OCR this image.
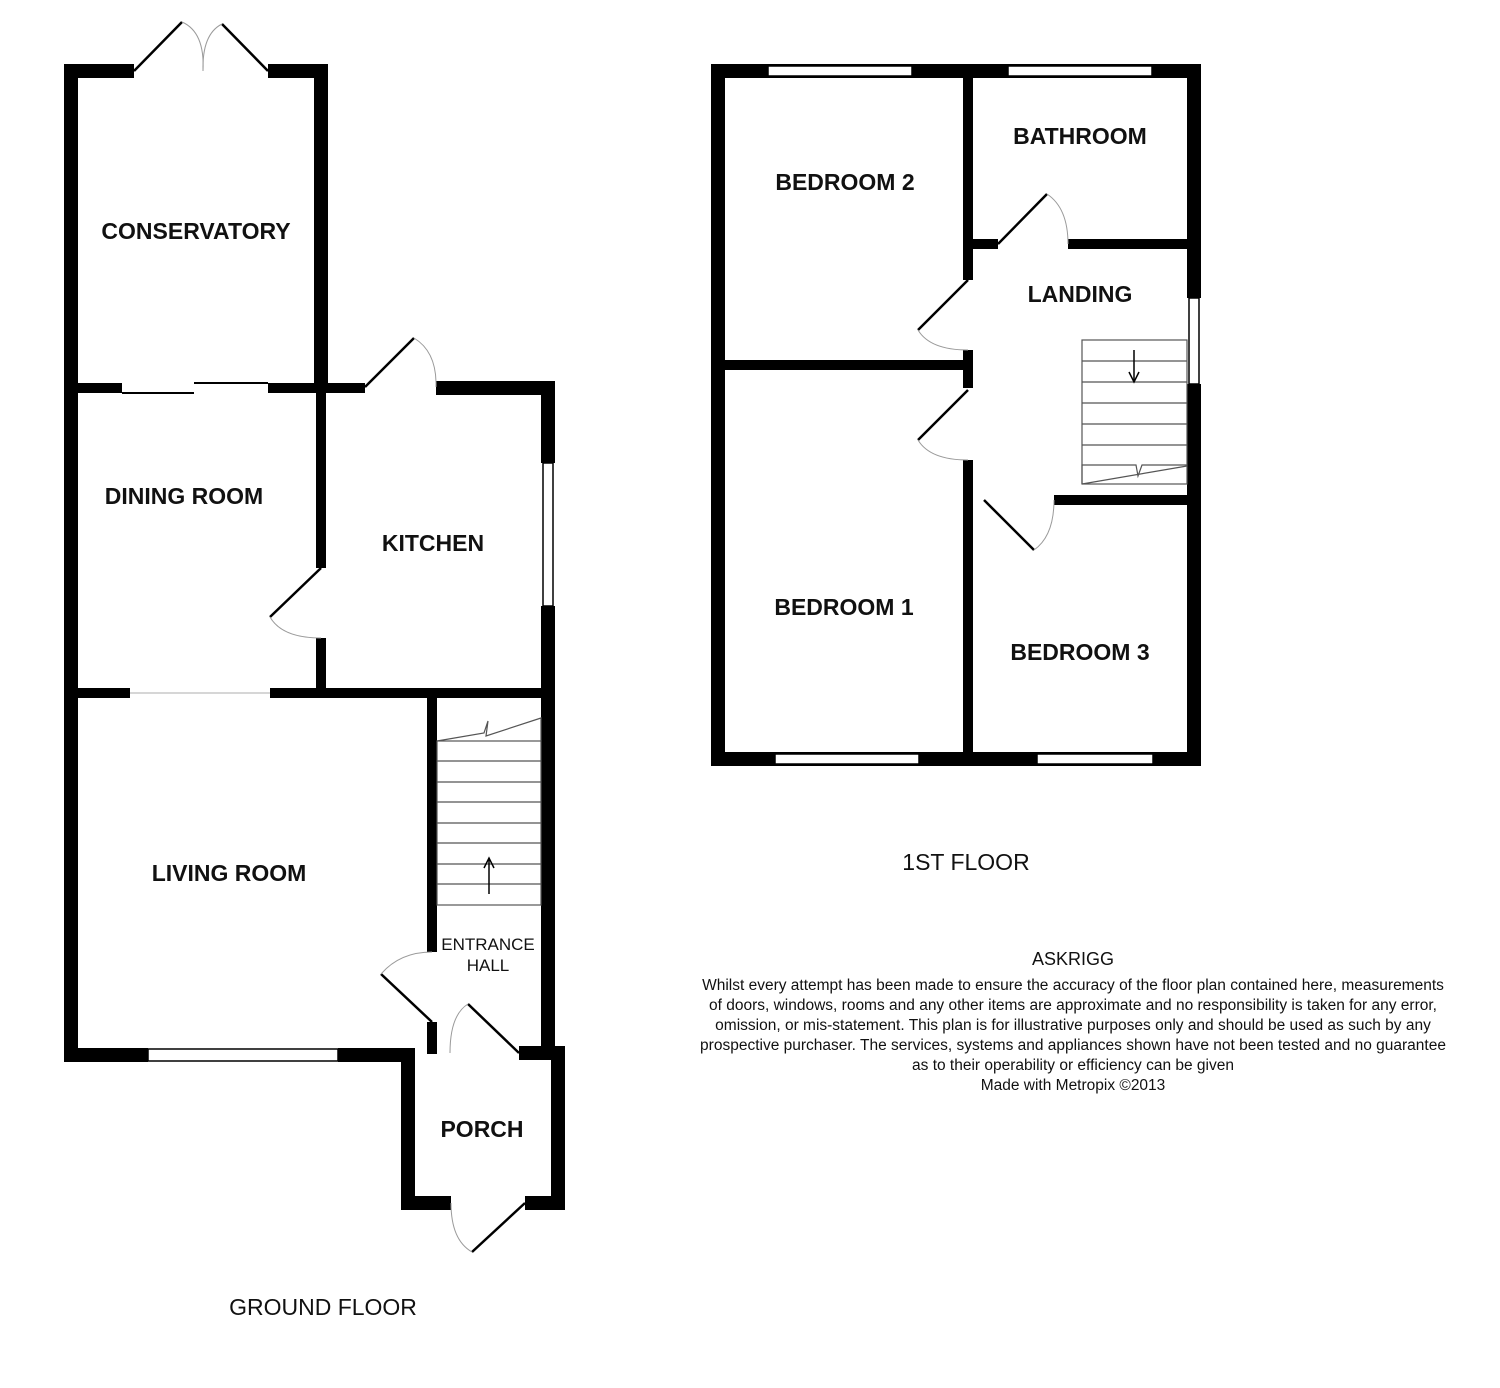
CONSERVATORY
DINING ROOM
KITCHEN
LIVING ROOM
ENTRANCE
HALL
PORCH
GROUND FLOOR
BEDROOM 2
BATHROOM
LANDING
BEDROOM 1
BEDROOM 3
1ST FLOOR
ASKRIGG
Whilst every attempt has been made to ensure the accuracy of the floor plan contained here, measurements
of doors, windows, rooms and any other items are approximate and no responsibility is taken for any error,
omission, or mis-statement. This plan is for illustrative purposes only and should be used as such by any
prospective purchaser. The services, systems and appliances shown have not been tested and no guarantee
as to their operability or efficiency can be given
Made with Metropix ©2013
